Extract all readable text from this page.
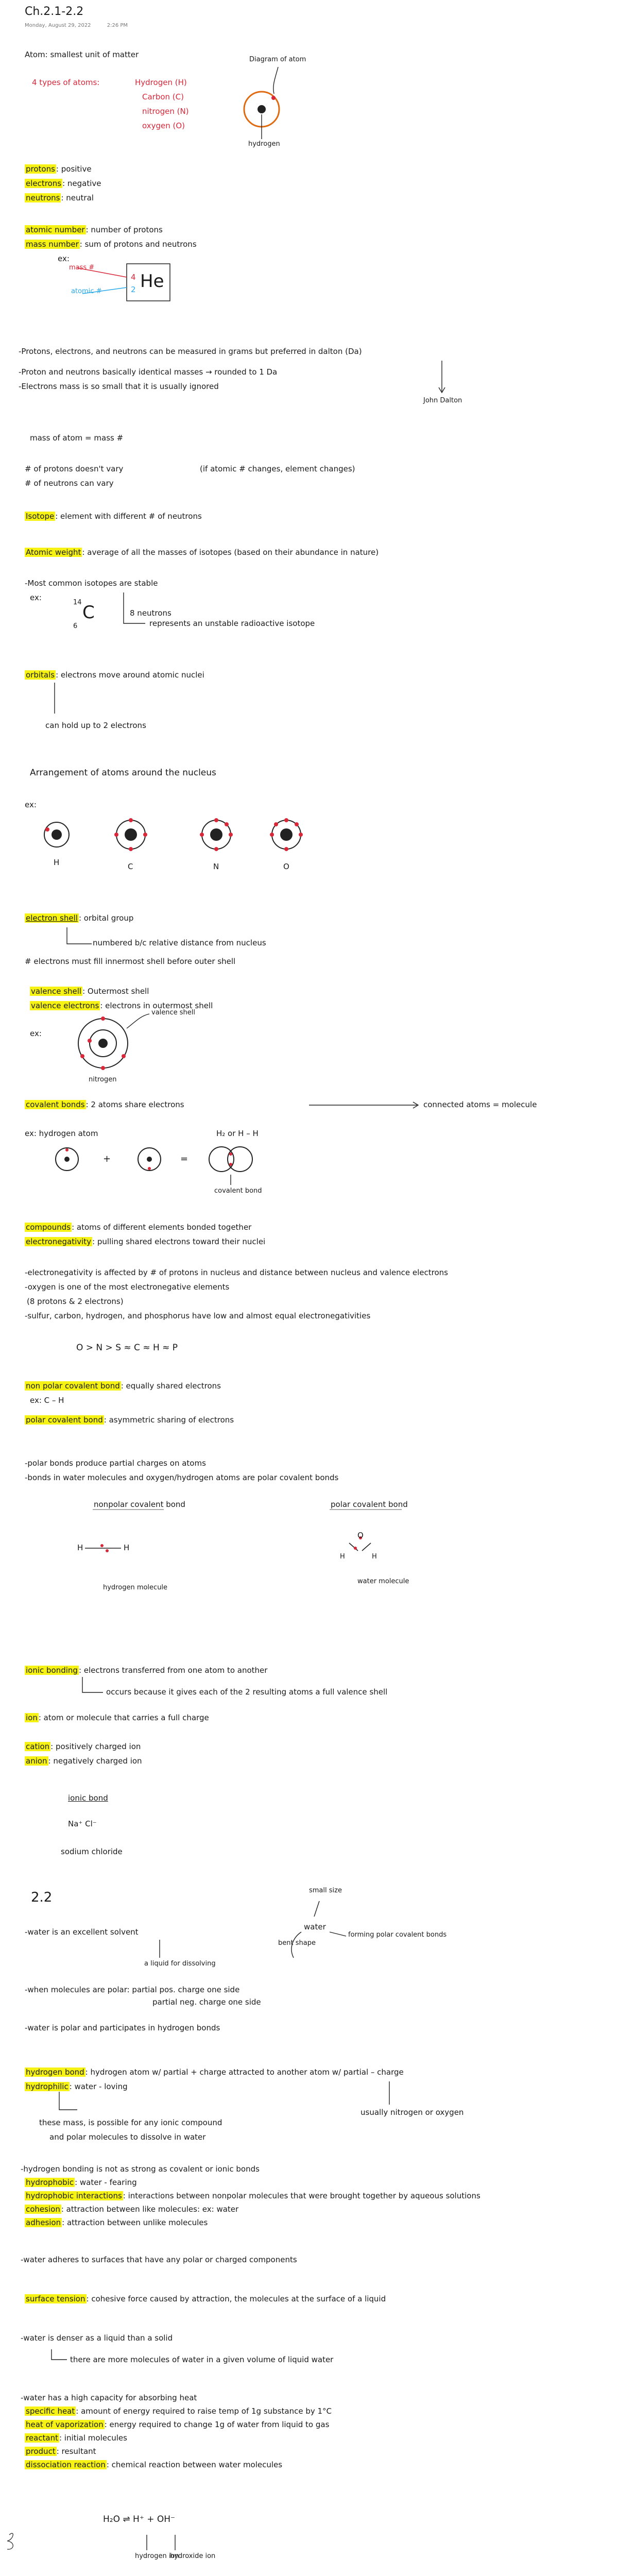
Ch.2.1-2.2
Monday, August 29, 2022	2:26 PM
Atom: smallest unit of matter
Diagram of atom
hydrogen
4 types of atoms:	Hydrogen (H)
Carbon (C)
nitrogen (N)
oxygen (O)
protons : positive
electrons : negative
neutrons : neutral
atomic number : number of protons
mass number : sum of protons and neutrons
ex:
mass #
atomic #
4
2 He
-Protons, electrons, and neutrons can be measured in grams but preferred in dalton (Da)
John Dalton
-Proton and neutrons basically identical masses → rounded to 1 Da
-Electrons mass is so small that it is usually ignored
mass of atom = mass #
# of protons doesn't vary	(if atomic # changes, element changes)
# of neutrons can vary
Isotope : element with different # of neutrons
Atomic weight : average of all the masses of isotopes (based on their abundance in nature)
-Most common isotopes are stable
ex:
14
6
C	8 neutrons
represents an unstable radioactive isotope
orbitals : electrons move around atomic nuclei
can hold up to 2 electrons
Arrangement of atoms around the nucleus
ex:
H	C	N	O
electron shell : orbital group
numbered b/c relative distance from nucleus
# electrons must fill innermost shell before outer shell
valence shell : Outermost shell
valence electrons : electrons in outermost shell
ex:
valence shell
nitrogen
covalent bonds : 2 atoms share electrons	connected atoms = molecule
ex: hydrogen atom
+	=
H₂ or H – H
covalent bond
compounds : atoms of different elements bonded together
electronegativity : pulling shared electrons toward their nuclei
-electronegativity is affected by # of protons in nucleus and distance between nucleus and valence electrons
-oxygen is one of the most electronegative elements
(8 protons & 2 electrons)
-sulfur, carbon, hydrogen, and phosphorus have low and almost equal electronegativities
O > N > S ≈ C ≈ H ≈ P
non polar covalent bond : equally shared electrons
ex: C – H
polar covalent bond : asymmetric sharing of electrons
-polar bonds produce partial charges on atoms
-bonds in water molecules and oxygen/hydrogen atoms are polar covalent bonds
nonpolar covalent bond	polar covalent bond
H	H
O
H	H
hydrogen molecule
water molecule
ionic bonding : electrons transferred from one atom to another
occurs because it gives each of the 2 resulting atoms a full valence shell
ion : atom or molecule that carries a full charge
cation : positively charged ion
anion : negatively charged ion
ionic bond
Na⁺ Cl⁻
sodium chloride
2.2
-water is an excellent solvent
a liquid for dissolving
small size
bent shape
water
forming polar covalent bonds
-when molecules are polar: partial pos. charge one side
partial neg. charge one side
-water is polar and participates in hydrogen bonds
hydrogen bond : hydrogen atom w/ partial + charge attracted to another atom w/ partial – charge
hydrophilic : water - loving
usually nitrogen or oxygen
these mass, is possible for any ionic compound
and polar molecules to dissolve in water
-hydrogen bonding is not as strong as covalent or ionic bonds
hydrophobic : water - fearing
hydrophobic interactions : interactions between nonpolar molecules that were brought together by aqueous solutions
cohesion : attraction between like molecules: ex: water
adhesion : attraction between unlike molecules
-water adheres to surfaces that have any polar or charged components
surface tension : cohesive force caused by attraction, the molecules at the surface of a liquid
-water is denser as a liquid than a solid
there are more molecules of water in a given volume of liquid water
-water has a high capacity for absorbing heat
specific heat : amount of energy required to raise temp of 1g substance by 1°C
heat of vaporization : energy required to change 1g of water from liquid to gas
reactant : initial molecules
product : resultant
dissociation reaction : chemical reaction between water molecules
H₂O ⇌ H⁺ + OH⁻
hydrogen ion
hydroxide ion
